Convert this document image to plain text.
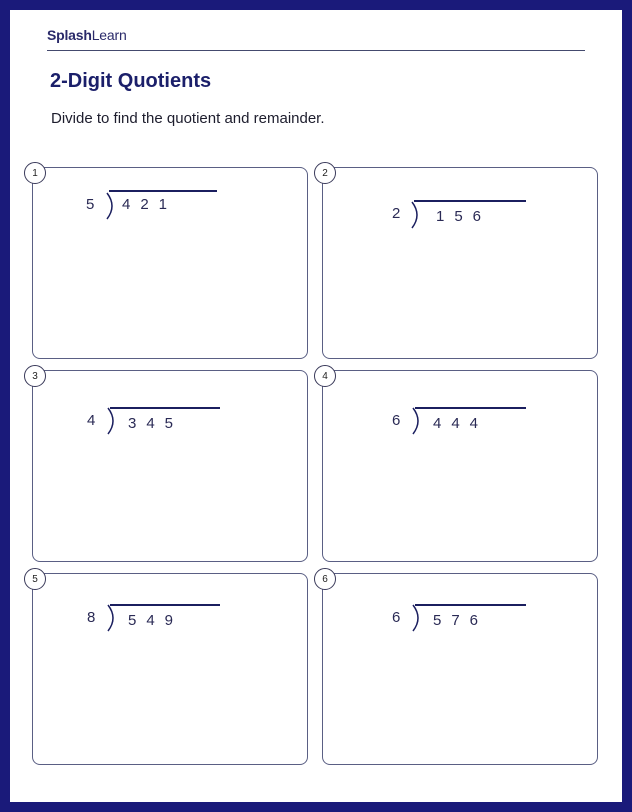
SplashLearn
2-Digit Quotients
Divide to find the quotient and remainder.
1
5 421
2
2 156
3
4 345
4
6 444
5
8 549
6
6 576
